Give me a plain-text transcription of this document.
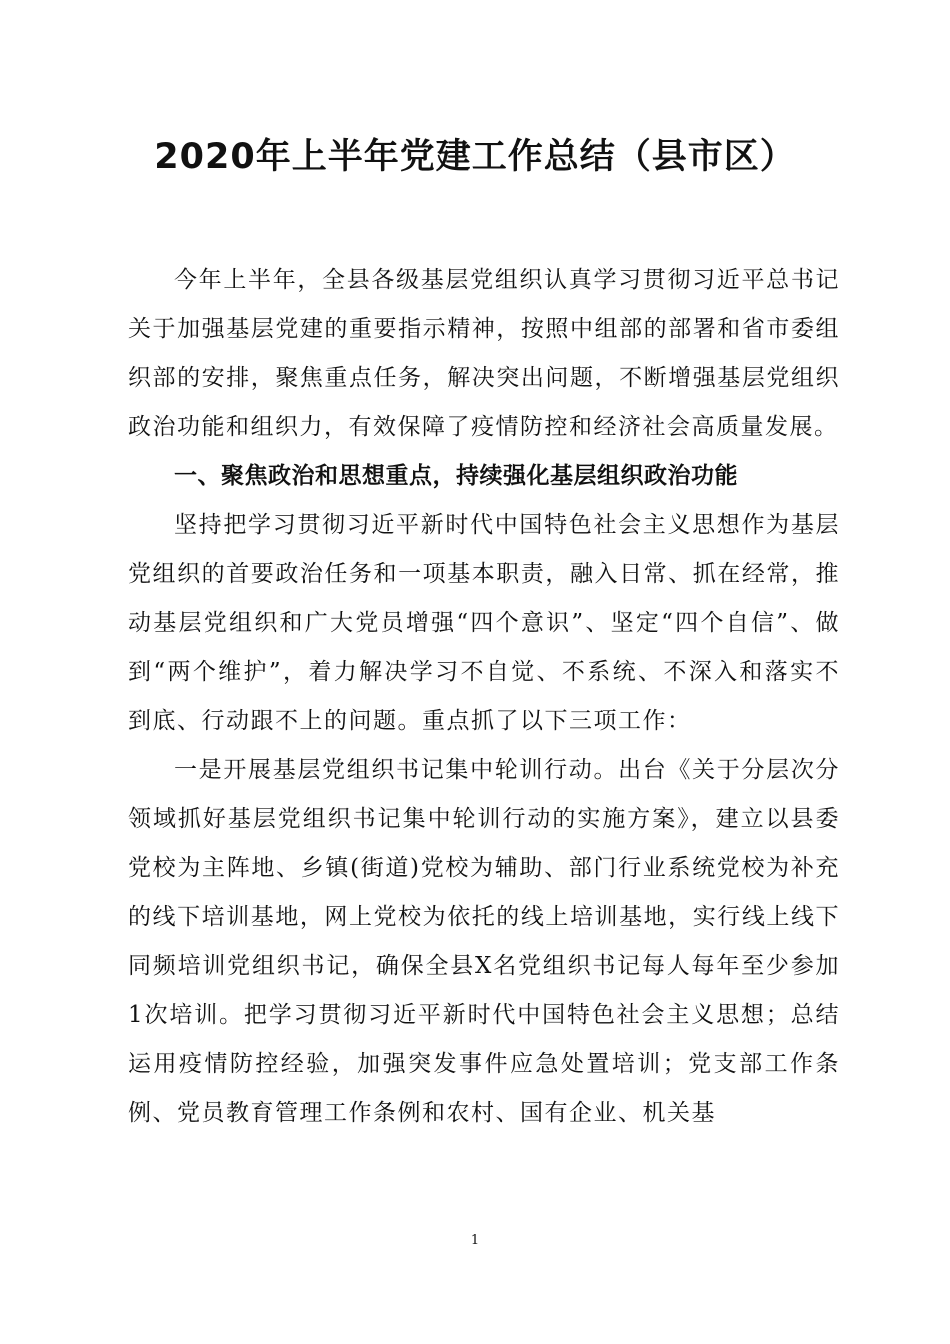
2020年上半年党建工作总结（县市区）

今年上半年，全县各级基层党组织认真学习贯彻习近平总书记关于加强基层党建的重要指示精神，按照中组部的部署和省市委组织部的安排，聚焦重点任务，解决突出问题，不断增强基层党组织政治功能和组织力，有效保障了疫情防控和经济社会高质量发展。

一、聚焦政治和思想重点，持续强化基层组织政治功能

坚持把学习贯彻习近平新时代中国特色社会主义思想作为基层党组织的首要政治任务和一项基本职责，融入日常、抓在经常，推动基层党组织和广大党员增强“四个意识”、坚定“四个自信”、做到“两个维护”，着力解决学习不自觉、不系统、不深入和落实不到底、行动跟不上的问题。重点抓了以下三项工作：

一是开展基层党组织书记集中轮训行动。出台《关于分层次分领域抓好基层党组织书记集中轮训行动的实施方案》，建立以县委党校为主阵地、乡镇(街道)党校为辅助、部门行业系统党校为补充的线下培训基地，网上党校为依托的线上培训基地，实行线上线下同频培训党组织书记，确保全县X名党组织书记每人每年至少参加1次培训。把学习贯彻习近平新时代中国特色社会主义思想；总结运用疫情防控经验，加强突发事件应急处置培训；党支部工作条例、党员教育管理工作条例和农村、国有企业、机关基

1
